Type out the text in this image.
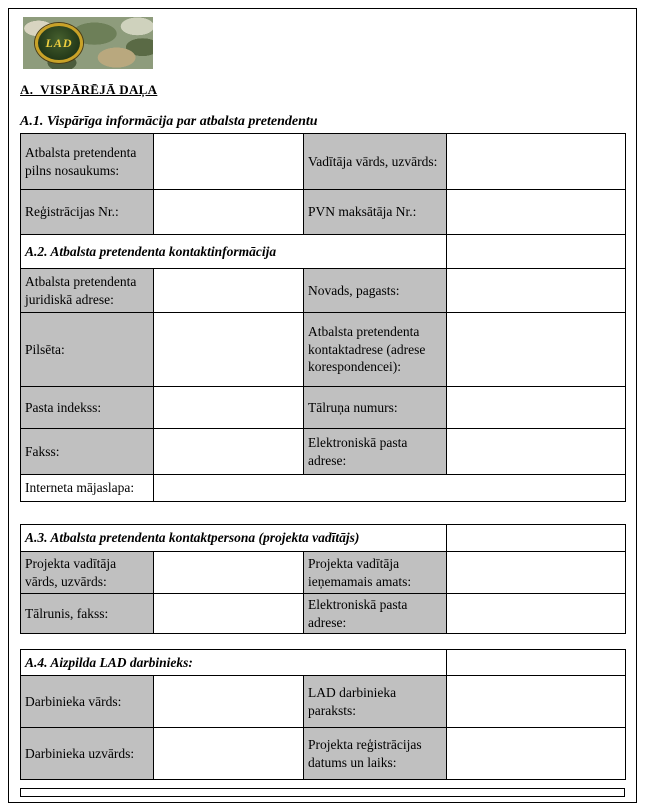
LAD
A.  VISPĀRĒJĀ DAĻA
A.1. Vispārīga informācija par atbalsta pretendentu
Atbalsta pretendenta pilns nosaukums:		Vadītāja vārds, uzvārds:	
Reģistrācijas Nr.:		PVN maksātāja Nr.:	
A.2. Atbalsta pretendenta kontaktinformācija			
Atbalsta pretendenta juridiskā adrese:		Novads, pagasts:	
Pilsēta:		Atbalsta pretendenta kontaktadrese (adrese korespondencei):	
Pasta indekss:		Tālruņa numurs:	
Fakss:		Elektroniskā pasta adrese:	
Interneta mājaslapa:			
A.3. Atbalsta pretendenta kontaktpersona (projekta vadītājs)			
Projekta vadītāja vārds, uzvārds:		Projekta vadītāja ieņemamais amats:	
Tālrunis, fakss:		Elektroniskā pasta adrese:	
A.4. Aizpilda LAD darbinieks:			
Darbinieka vārds:		LAD darbinieka paraksts:	
Darbinieka uzvārds:		Projekta reģistrācijas datums un laiks:	
